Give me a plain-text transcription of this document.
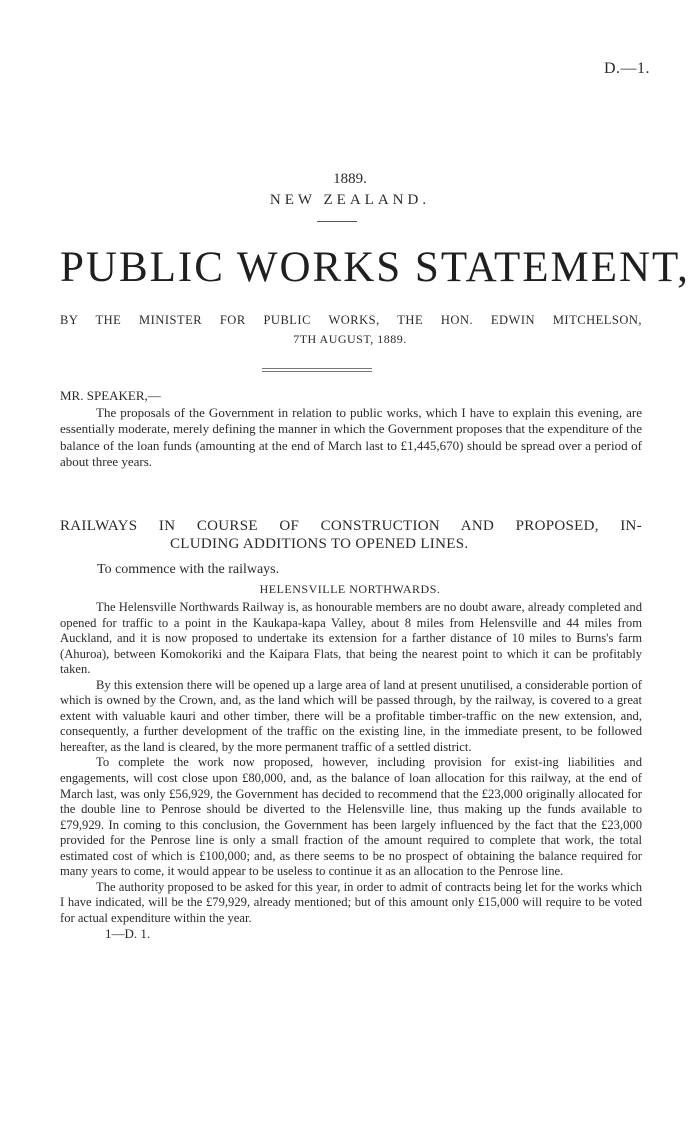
D.—1.
1889.
NEW ZEALAND.
PUBLIC WORKS STATEMENT,
BY THE MINISTER FOR PUBLIC WORKS, THE HON. EDWIN MITCHELSON,
7TH AUGUST, 1889.
MR. SPEAKER,—

The proposals of the Government in relation to public works, which I have to explain this evening, are essentially moderate, merely defining the manner in which the Government proposes that the expenditure of the balance of the loan funds (amounting at the end of March last to £1,445,670) should be spread over a period of about three years.

RAILWAYS IN COURSE OF CONSTRUCTION AND PROPOSED, IN-
CLUDING ADDITIONS TO OPENED LINES.
To commence with the railways.
HELENSVILLE NORTHWARDS.

The Helensville Northwards Railway is, as honourable members are no doubt aware, already completed and opened for traffic to a point in the Kaukapa-kapa Valley, about 8 miles from Helensville and 44 miles from Auckland, and it is now proposed to undertake its extension for a farther distance of 10 miles to Burns's farm (Ahuroa), between Komokoriki and the Kaipara Flats, that being the nearest point to which it can be profitably taken.

By this extension there will be opened up a large area of land at present unutilised, a considerable portion of which is owned by the Crown, and, as the land which will be passed through, by the railway, is covered to a great extent with valuable kauri and other timber, there will be a profitable timber-traffic on the new extension, and, consequently, a further development of the traffic on the existing line, in the immediate present, to be followed hereafter, as the land is cleared, by the more permanent traffic of a settled district.

To complete the work now proposed, however, including provision for exist-ing liabilities and engagements, will cost close upon £80,000, and, as the balance of loan allocation for this railway, at the end of March last, was only £56,929, the Government has decided to recommend that the £23,000 originally allocated for the double line to Penrose should be diverted to the Helensville line, thus making up the funds available to £79,929. In coming to this conclusion, the Government has been largely influenced by the fact that the £23,000 provided for the Penrose line is only a small fraction of the amount required to complete that work, the total estimated cost of which is £100,000; and, as there seems to be no prospect of obtaining the balance required for many years to come, it would appear to be useless to continue it as an allocation to the Penrose line.

The authority proposed to be asked for this year, in order to admit of contracts being let for the works which I have indicated, will be the £79,929, already mentioned; but of this amount only £15,000 will require to be voted for actual expenditure within the year.

1—D. 1.
